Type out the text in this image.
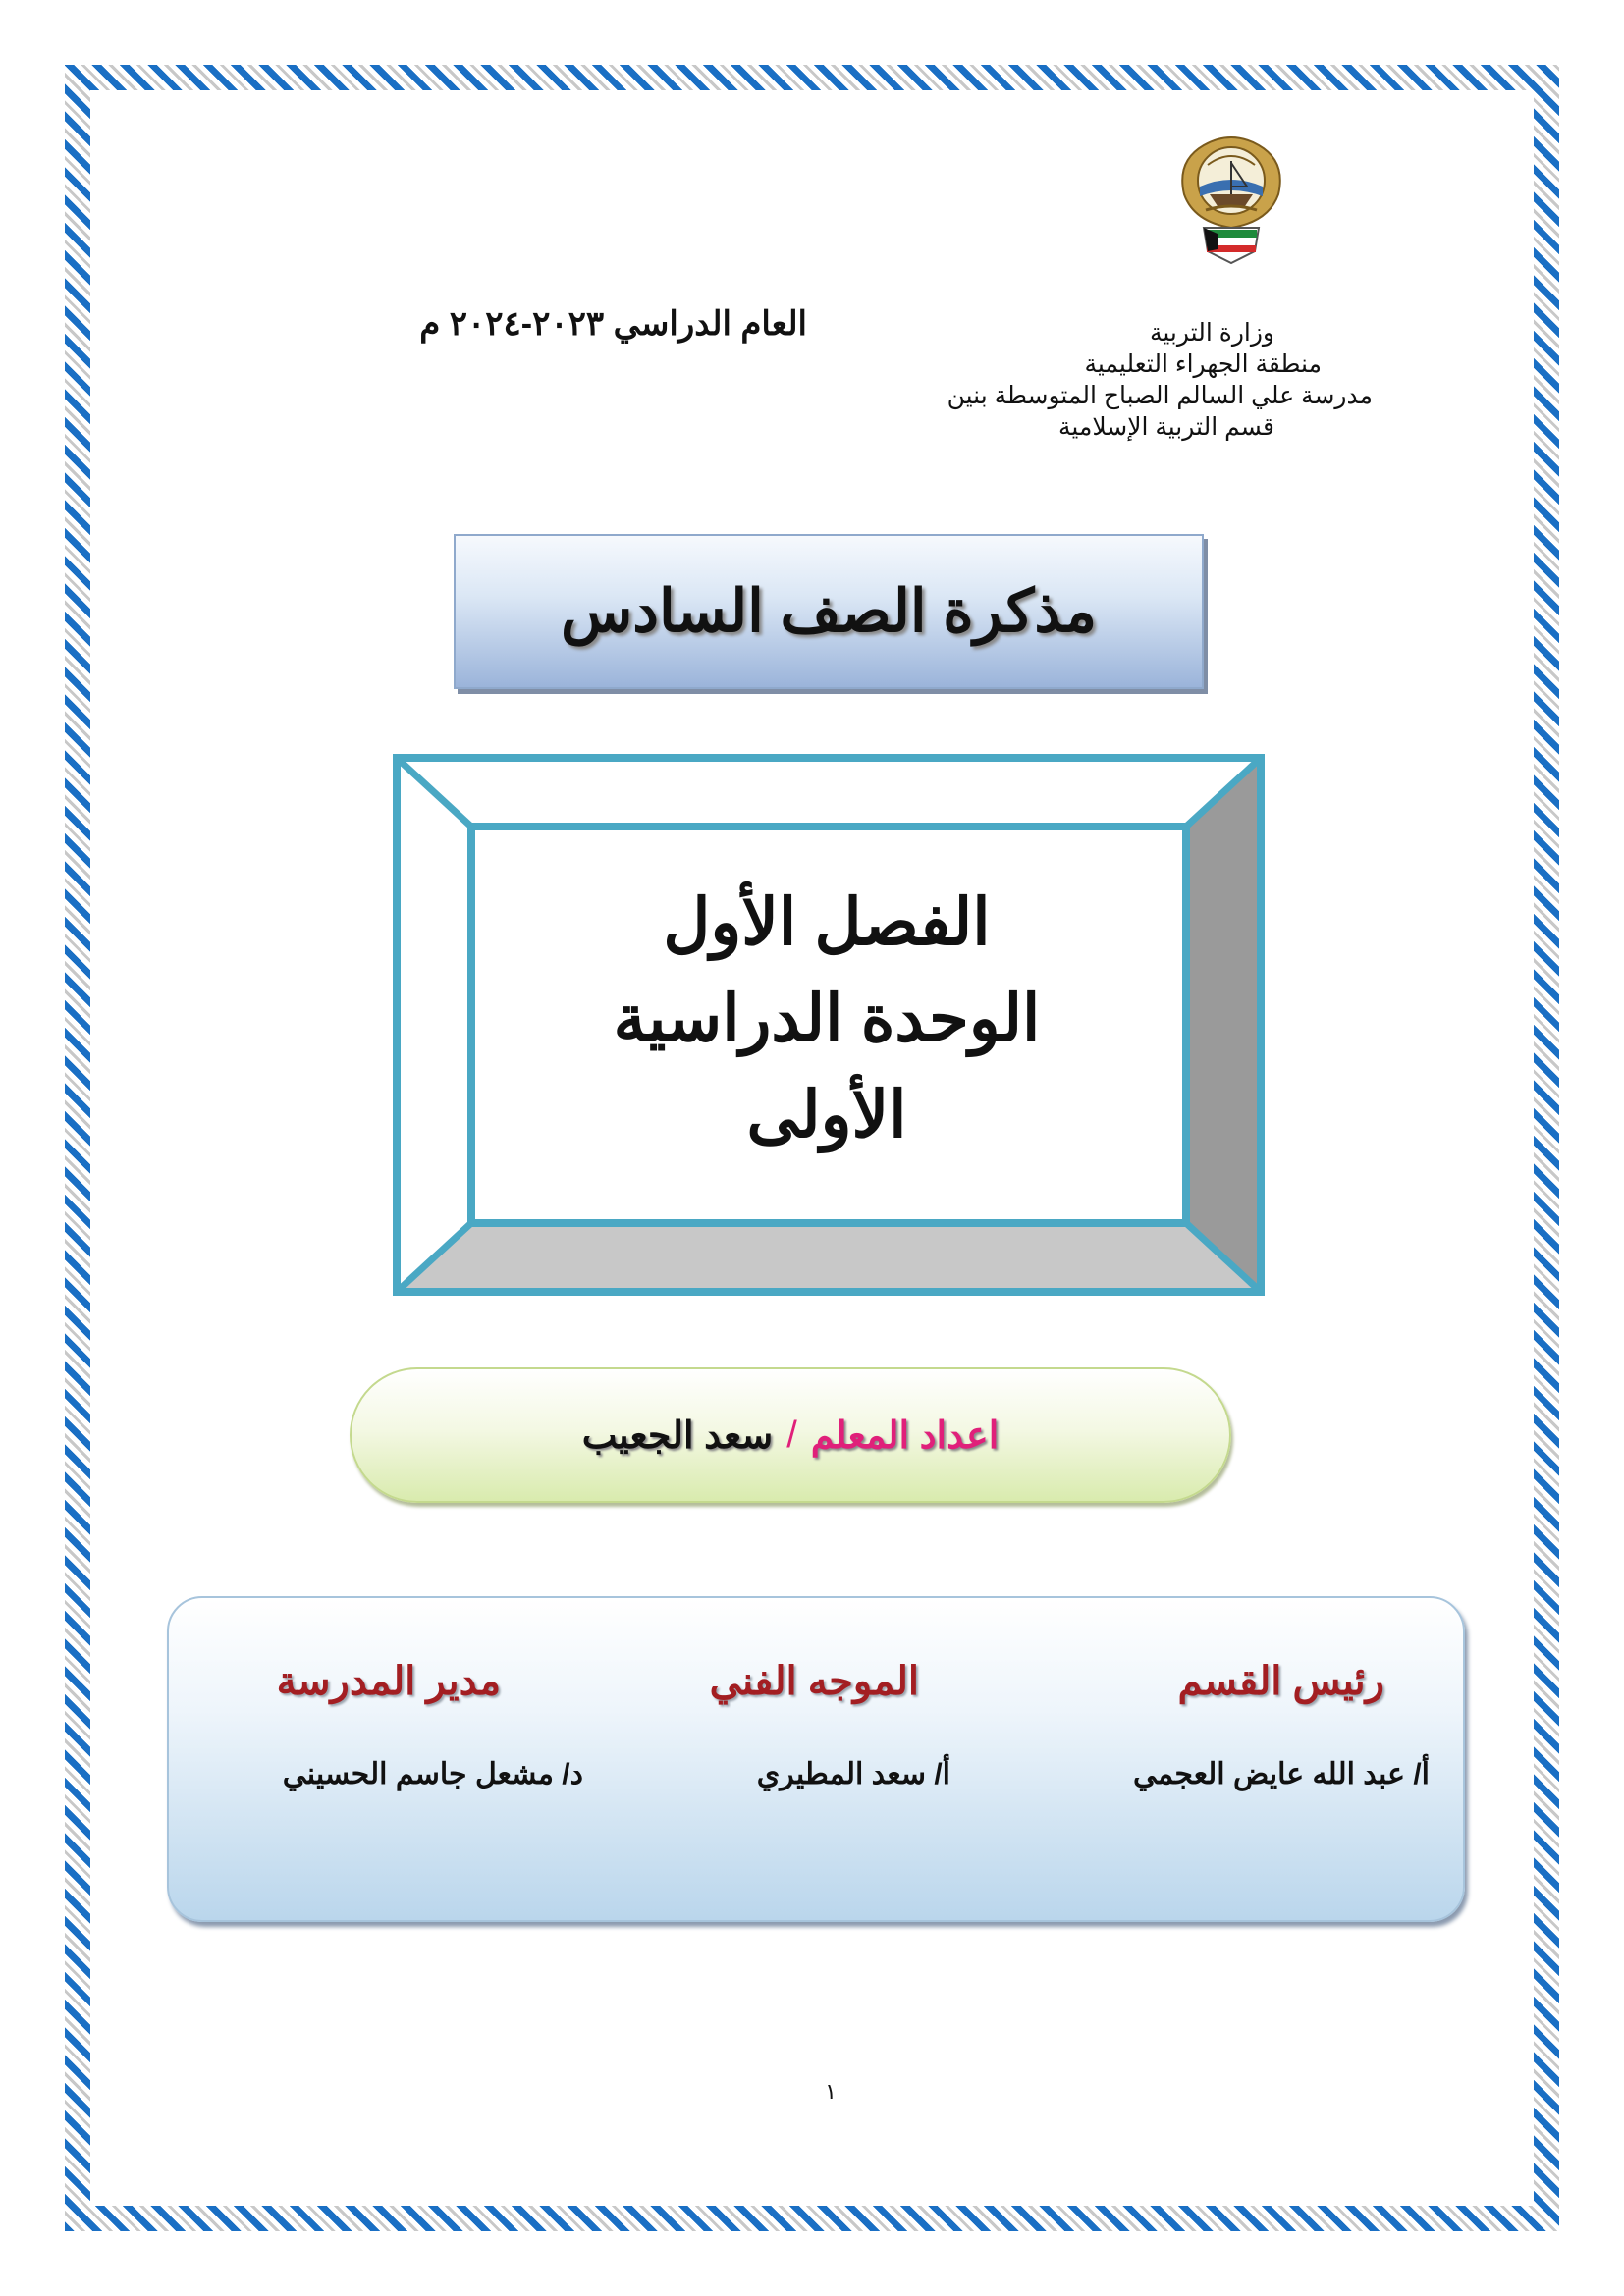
وزارة التربية
منطقة الجهراء التعليمية
مدرسة علي السالم الصباح المتوسطة بنين
قسم التربية الإسلامية
العام الدراسي ٢٠٢٣-٢٠٢٤ م
مذكرة الصف السادس
الفصل الأول
الوحدة الدراسية
الأولى
اعداد المعلم
/
سعد الجعيب
رئيس القسم
الموجه الفني
مدير المدرسة
أ/ عبد الله عايض العجمي
أ/ سعد المطيري
د/ مشعل جاسم الحسيني
١
